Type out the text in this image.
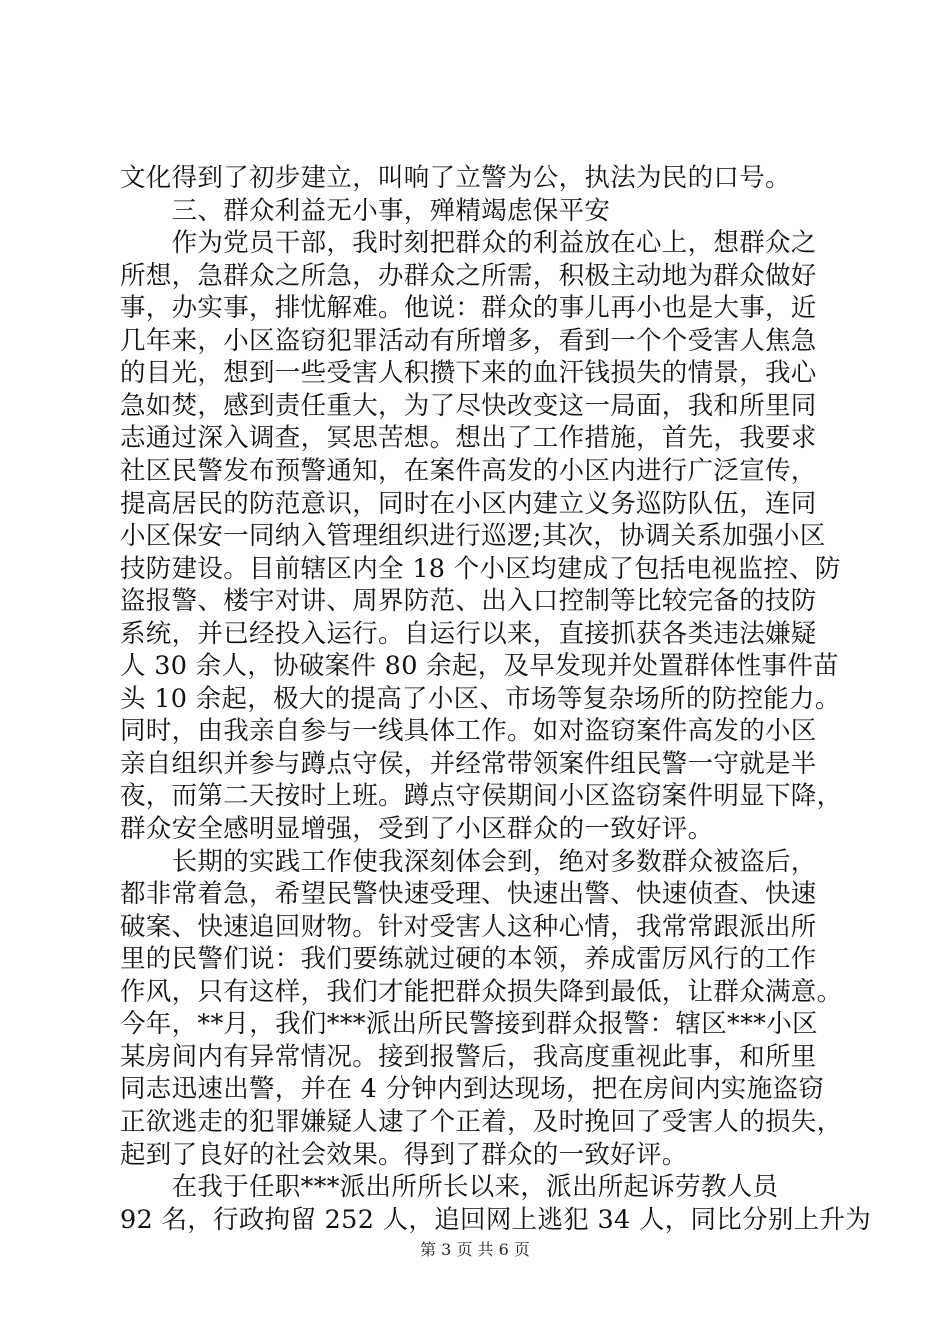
文化得到了初步建立，叫响了立警为公，执法为民的口号。
　　三、群众利益无小事，殚精竭虑保平安
　　作为党员干部，我时刻把群众的利益放在心上，想群众之
所想，急群众之所急，办群众之所需，积极主动地为群众做好
事，办实事，排忧解难。他说：群众的事儿再小也是大事，近
几年来，小区盗窃犯罪活动有所增多，看到一个个受害人焦急
的目光，想到一些受害人积攒下来的血汗钱损失的情景，我心
急如焚，感到责任重大，为了尽快改变这一局面，我和所里同
志通过深入调查，冥思苦想。想出了工作措施，首先，我要求
社区民警发布预警通知，在案件高发的小区内进行广泛宣传，
提高居民的防范意识，同时在小区内建立义务巡防队伍，连同
小区保安一同纳入管理组织进行巡逻;其次，协调关系加强小区
技防建设。目前辖区内全 18 个小区均建成了包括电视监控、防
盗报警、楼宇对讲、周界防范、出入口控制等比较完备的技防
系统，并已经投入运行。自运行以来，直接抓获各类违法嫌疑
人 30 余人，协破案件 80 余起，及早发现并处置群体性事件苗
头 10 余起，极大的提高了小区、市场等复杂场所的防控能力。
同时，由我亲自参与一线具体工作。如对盗窃案件高发的小区
亲自组织并参与蹲点守侯，并经常带领案件组民警一守就是半
夜，而第二天按时上班。蹲点守侯期间小区盗窃案件明显下降，
群众安全感明显增强，受到了小区群众的一致好评。
　　长期的实践工作使我深刻体会到，绝对多数群众被盗后，
都非常着急，希望民警快速受理、快速出警、快速侦查、快速
破案、快速追回财物。针对受害人这种心情，我常常跟派出所
里的民警们说：我们要练就过硬的本领，养成雷厉风行的工作
作风，只有这样，我们才能把群众损失降到最低，让群众满意。
今年，**月，我们***派出所民警接到群众报警：辖区***小区
某房间内有异常情况。接到报警后，我高度重视此事，和所里
同志迅速出警，并在 4 分钟内到达现场，把在房间内实施盗窃
正欲逃走的犯罪嫌疑人逮了个正着，及时挽回了受害人的损失，
起到了良好的社会效果。得到了群众的一致好评。
　　在我于任职***派出所所长以来，派出所起诉劳教人员
92 名，行政拘留 252 人，追回网上逃犯 34 人，同比分别上升为
第 3 页 共 6 页
